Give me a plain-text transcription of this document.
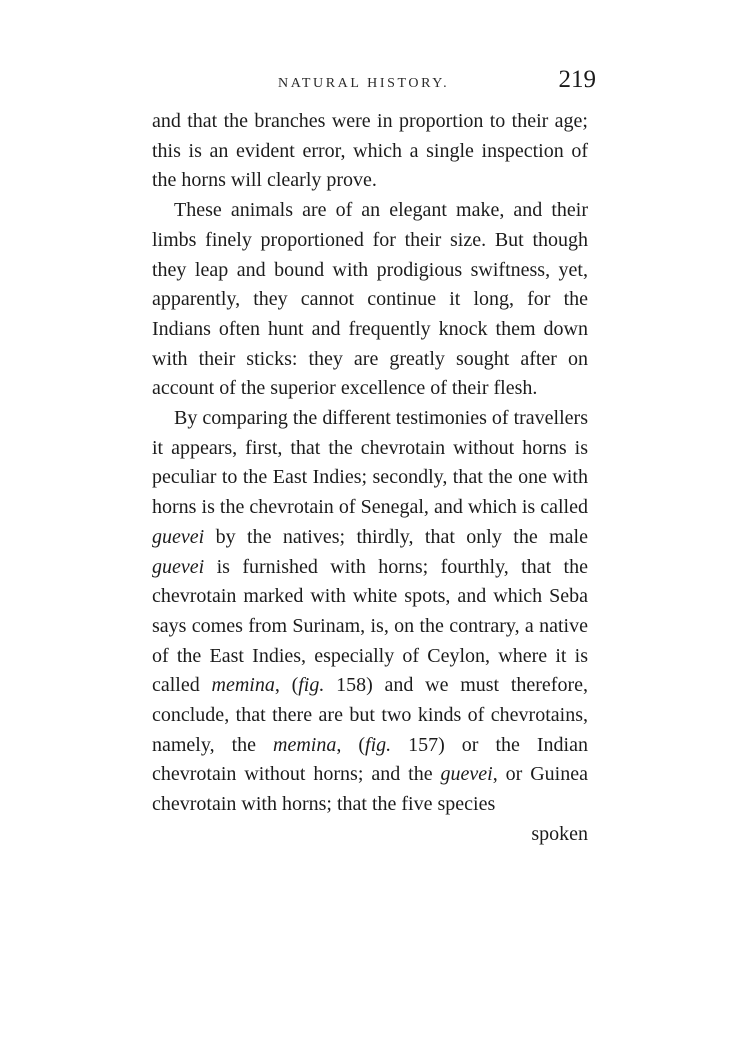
NATURAL HISTORY.	219

and that the branches were in proportion to their age; this is an evident error, which a single inspection of the horns will clearly prove.

These animals are of an elegant make, and their limbs finely proportioned for their size. But though they leap and bound with prodigious swiftness, yet, apparently, they cannot continue it long, for the Indians often hunt and frequently knock them down with their sticks: they are greatly sought after on account of the superior excellence of their flesh.

By comparing the different testimonies of travellers it appears, first, that the chevrotain without horns is peculiar to the East Indies; secondly, that the one with horns is the chevrotain of Senegal, and which is called guevei by the natives; thirdly, that only the male guevei is furnished with horns; fourthly, that the chevrotain marked with white spots, and which Seba says comes from Surinam, is, on the contrary, a native of the East Indies, especially of Ceylon, where it is called memina, (fig. 158) and we must therefore, conclude, that there are but two kinds of chevrotains, namely, the memina, (fig. 157) or the Indian chevrotain without horns; and the guevei, or Guinea chevrotain with horns; that the five species

spoken
